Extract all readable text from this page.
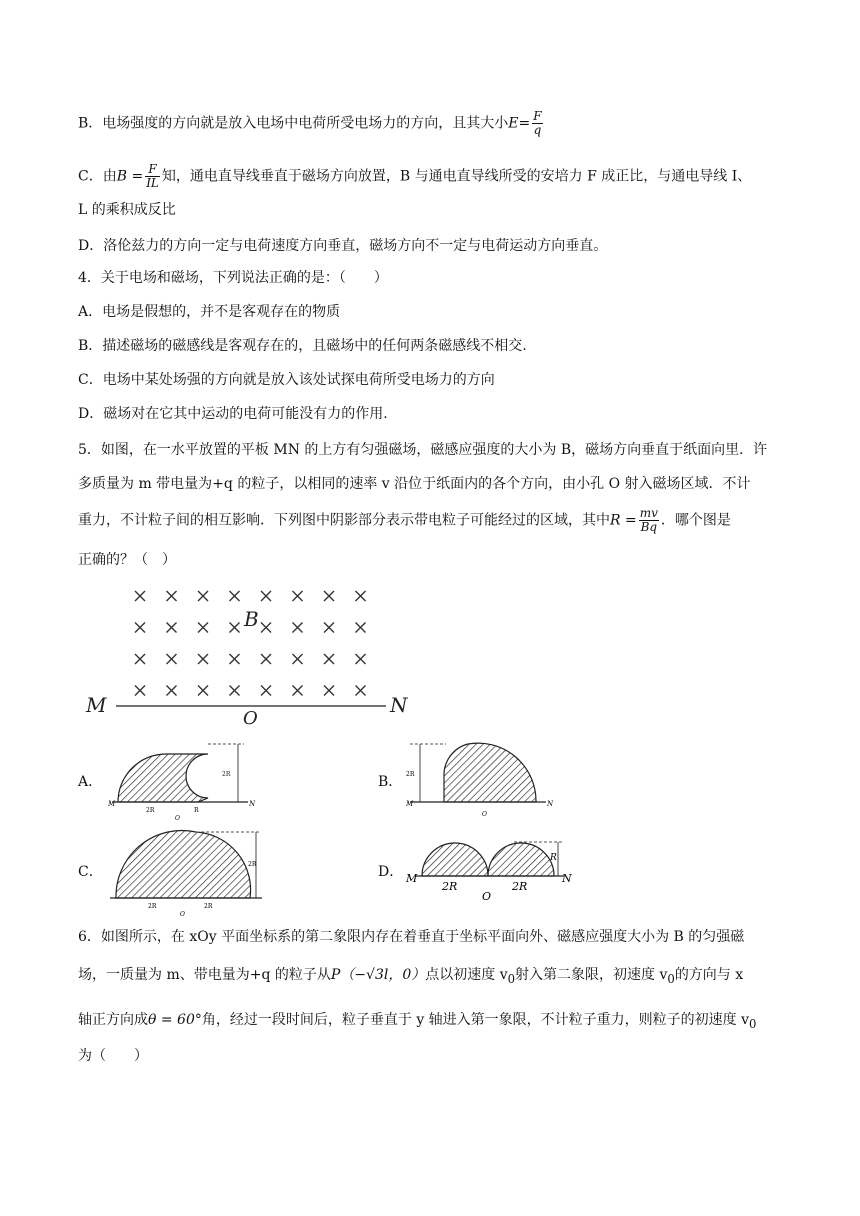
B．电场强度的方向就是放入电场中电荷所受电场力的方向，且其大小$E= \frac{F}{q}$
C．由$B = \frac{F}{IL}$ 知，通电直导线垂直于磁场方向放置，B 与通电直导线所受的安培力 F 成正比，与通电导线 I、
L 的乘积成反比
D．洛伦兹力的方向一定与电荷速度方向垂直，磁场方向不一定与电荷运动方向垂直。
4．关于电场和磁场，下列说法正确的是：（　　）
A．电场是假想的，并不是客观存在的物质
B．描述磁场的磁感线是客观存在的，且磁场中的任何两条磁感线不相交.
C．电场中某处场强的方向就是放入该处试探电荷所受电场力的方向
D．磁场对在它其中运动的电荷可能没有力的作用.
5．如图，在一水平放置的平板 MN 的上方有匀强磁场，磁感应强度的大小为 B，磁场方向垂直于纸面向里．许
多质量为 m 带电量为+q 的粒子，以相同的速率 v 沿位于纸面内的各个方向，由小孔 O 射入磁场区域．不计
重力，不计粒子间的相互影响．下列图中阴影部分表示带电粒子可能经过的区域，其中$R = \frac{mv}{Bq}$ ．哪个图是
正确的？（　）
B
M
O
N
A．	B．
C．	D．
2R
M	N
2R	R
O
2R
M	N
O
2R
2R	2R
O
R
M	N
2R	2R
O
6．如图所示，在 xOy 平面坐标系的第二象限内存在着垂直于坐标平面向外、磁感应强度大小为 B 的匀强磁
场，一质量为 m、带电量为+q 的粒子从P（−√3l，0）点以初速度 $v_0$射入第二象限，初速度 $v_0$的方向与 x
轴正方向成θ = 60°角，经过一段时间后，粒子垂直于 y 轴进入第一象限，不计粒子重力，则粒子的初速度 $v_0$
为（　　）
